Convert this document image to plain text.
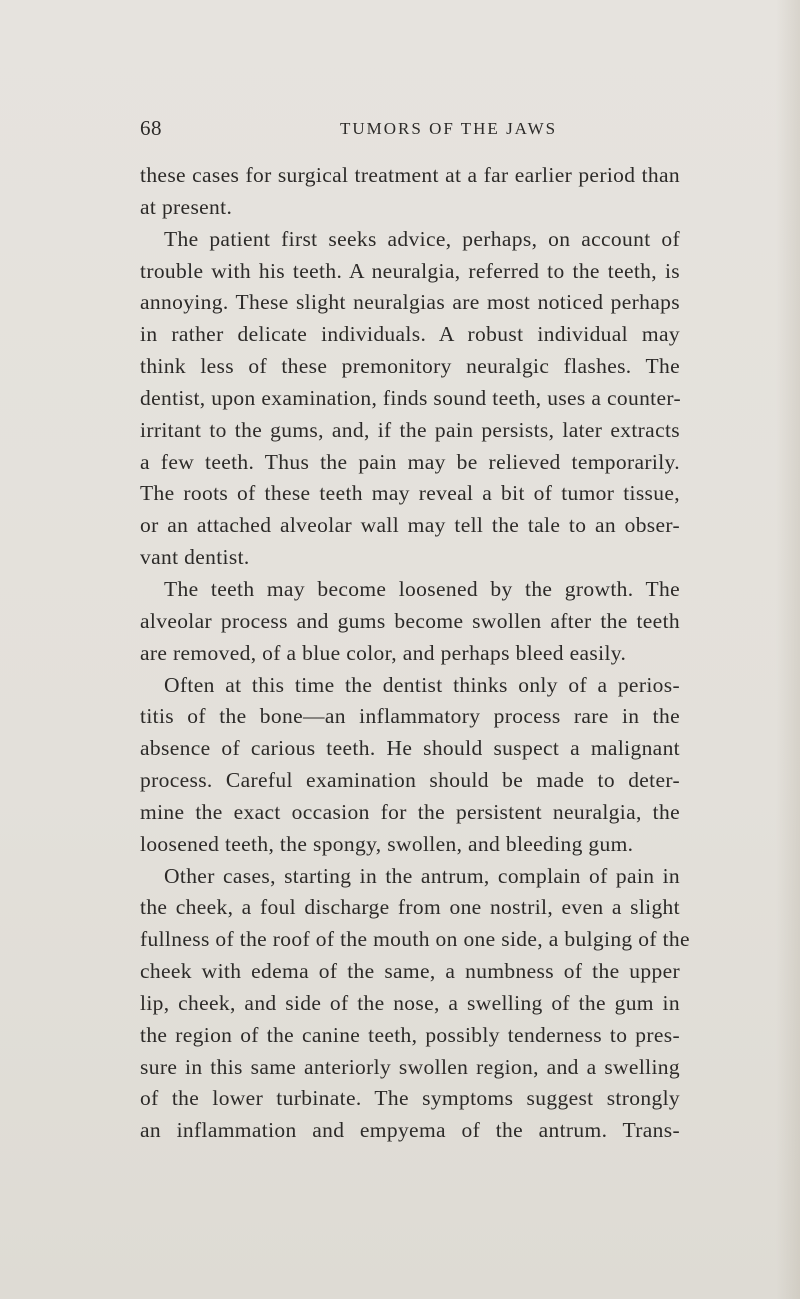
68	TUMORS OF THE JAWS
these cases for surgical treatment at a far earlier period than
at present.
The patient first seeks advice, perhaps, on account of
trouble with his teeth. A neuralgia, referred to the teeth, is
annoying. These slight neuralgias are most noticed perhaps
in rather delicate individuals. A robust individual may
think less of these premonitory neuralgic flashes. The
dentist, upon examination, finds sound teeth, uses a counter-
irritant to the gums, and, if the pain persists, later extracts
a few teeth. Thus the pain may be relieved temporarily.
The roots of these teeth may reveal a bit of tumor tissue,
or an attached alveolar wall may tell the tale to an obser-
vant dentist.
The teeth may become loosened by the growth. The
alveolar process and gums become swollen after the teeth
are removed, of a blue color, and perhaps bleed easily.
Often at this time the dentist thinks only of a perios-
titis of the bone—an inflammatory process rare in the
absence of carious teeth. He should suspect a malignant
process. Careful examination should be made to deter-
mine the exact occasion for the persistent neuralgia, the
loosened teeth, the spongy, swollen, and bleeding gum.
Other cases, starting in the antrum, complain of pain in
the cheek, a foul discharge from one nostril, even a slight
fullness of the roof of the mouth on one side, a bulging of the
cheek with edema of the same, a numbness of the upper
lip, cheek, and side of the nose, a swelling of the gum in
the region of the canine teeth, possibly tenderness to pres-
sure in this same anteriorly swollen region, and a swelling
of the lower turbinate. The symptoms suggest strongly
an inflammation and empyema of the antrum. Trans-
